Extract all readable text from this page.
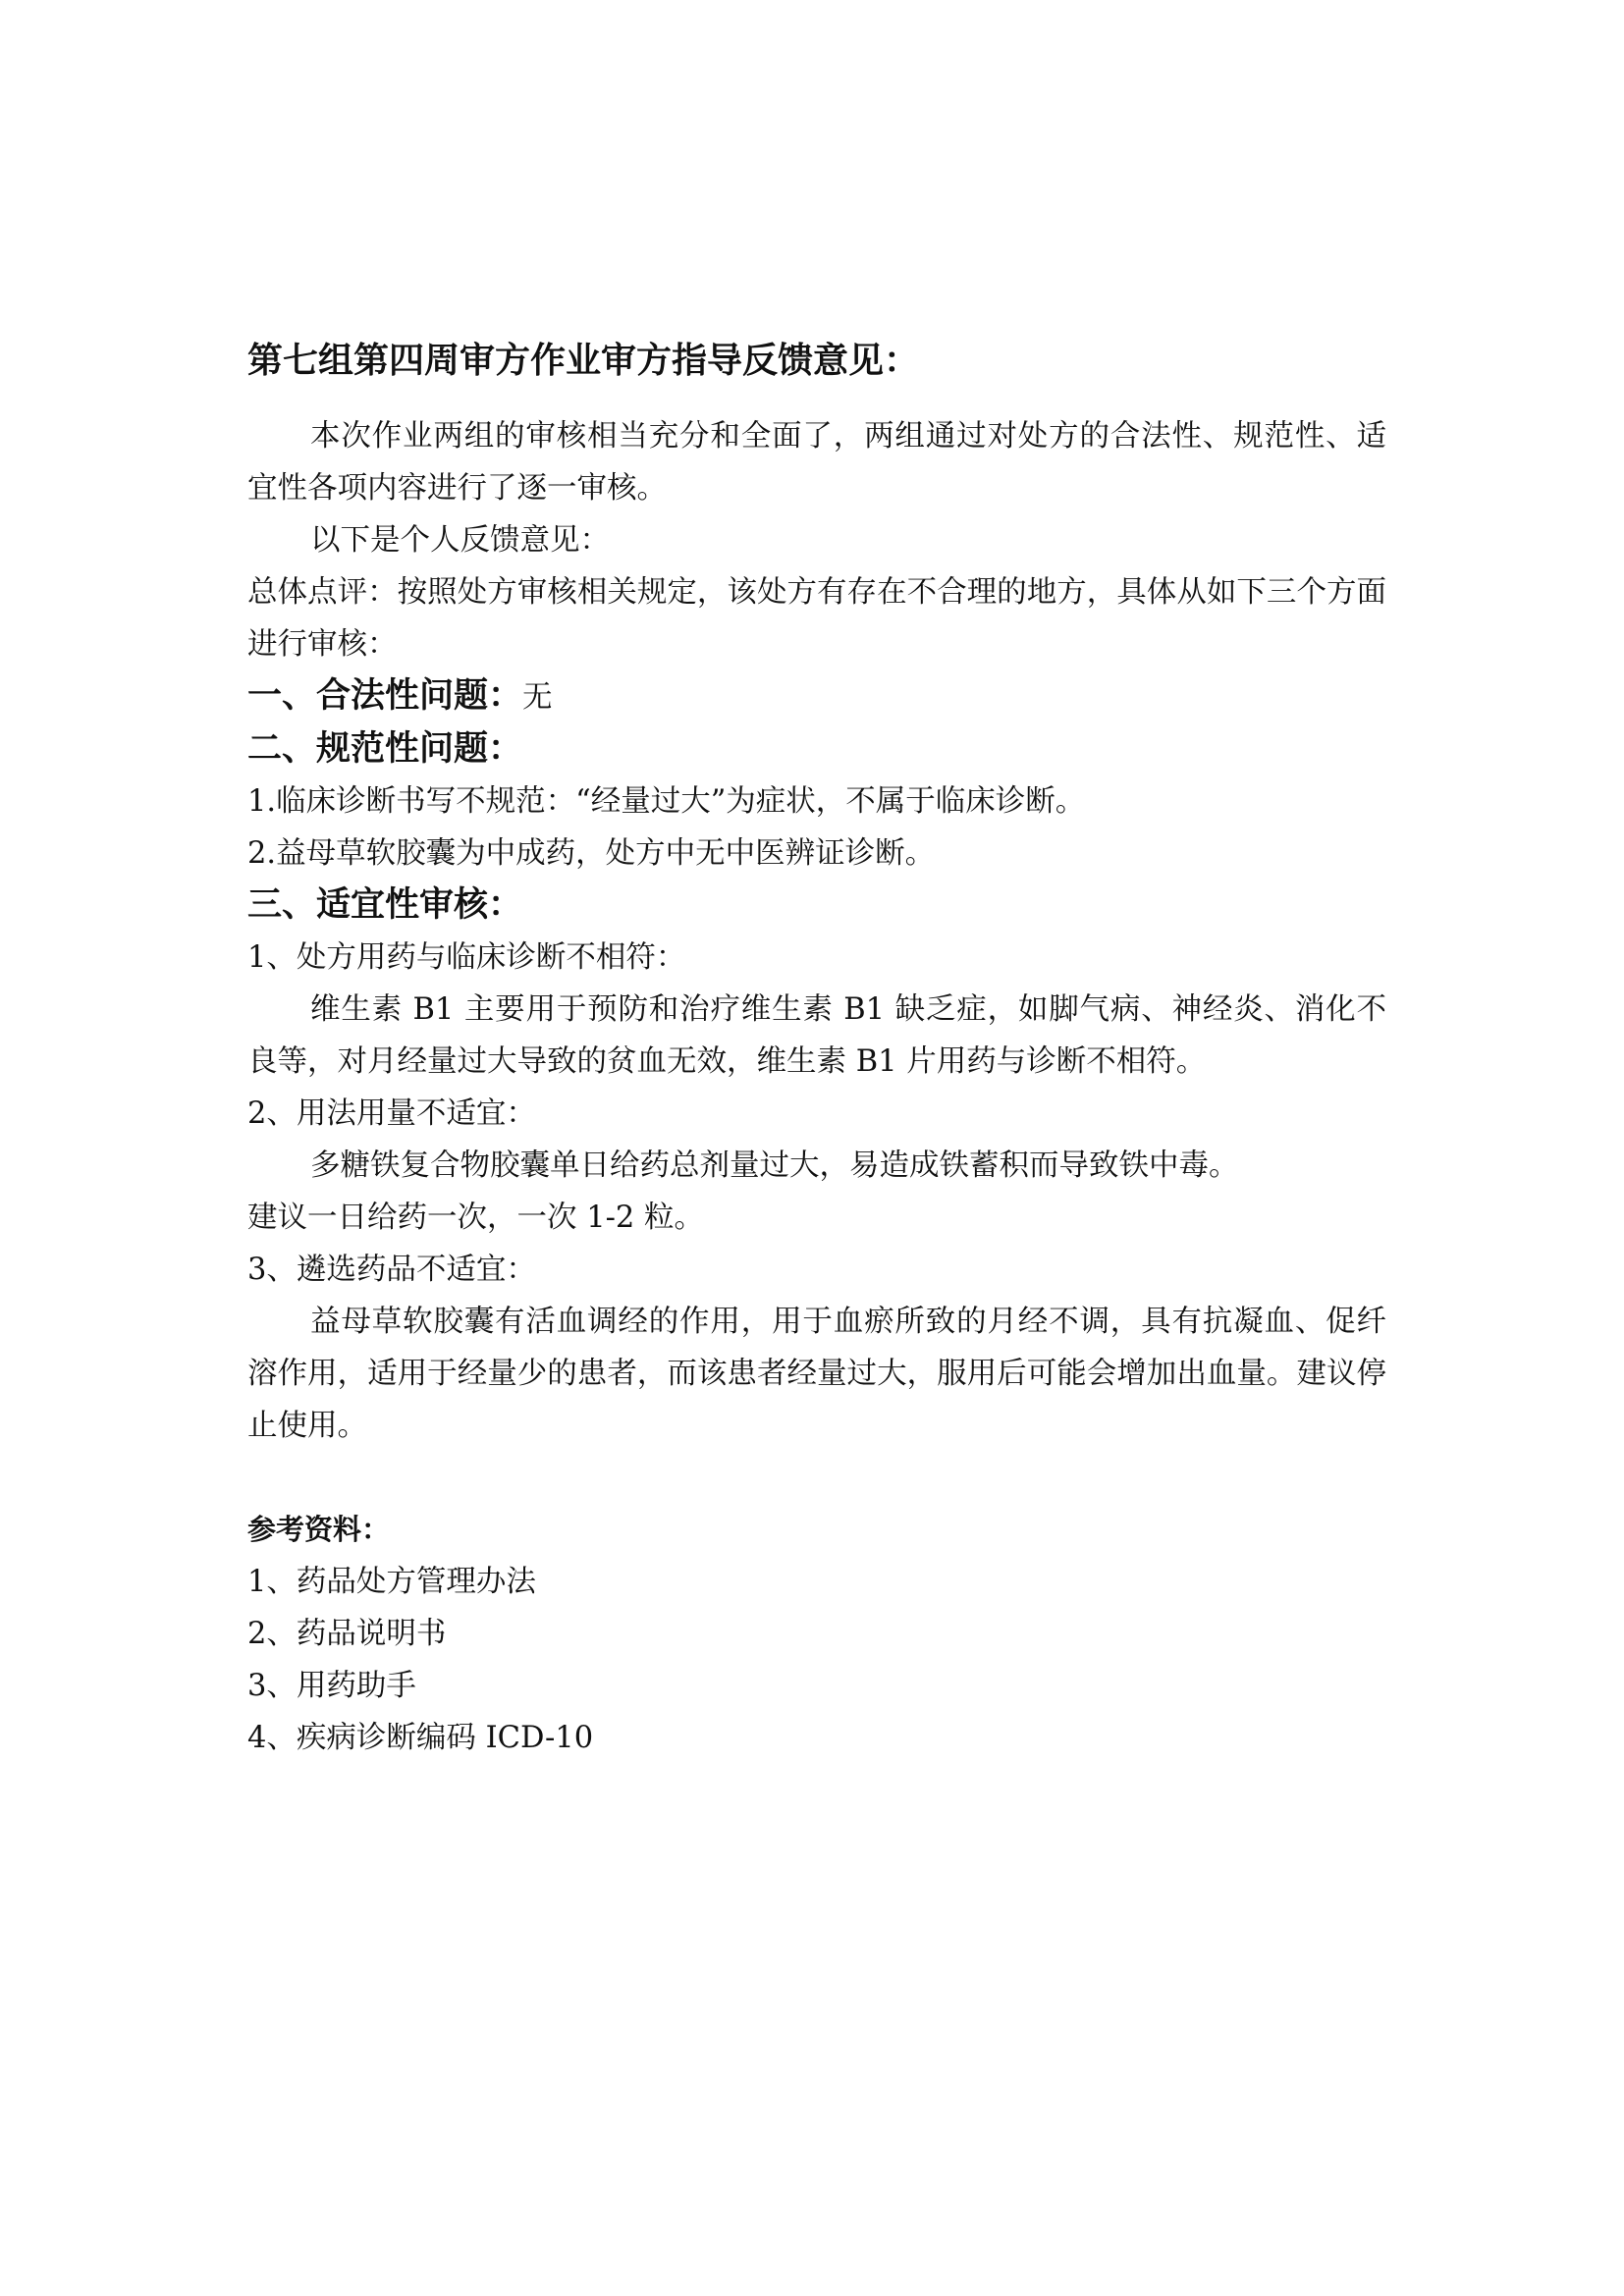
第七组第四周审方作业审方指导反馈意见：

本次作业两组的审核相当充分和全面了，两组通过对处方的合法性、规范性、适宜性各项内容进行了逐一审核。

以下是个人反馈意见：

总体点评：按照处方审核相关规定，该处方有存在不合理的地方，具体从如下三个方面进行审核：

一、合法性问题：无
二、规范性问题：

1.临床诊断书写不规范：“经量过大”为症状，不属于临床诊断。

2.益母草软胶囊为中成药，处方中无中医辨证诊断。

三、适宜性审核：

1、处方用药与临床诊断不相符：

维生素 B1 主要用于预防和治疗维生素 B1 缺乏症，如脚气病、神经炎、消化不良等，对月经量过大导致的贫血无效，维生素 B1 片用药与诊断不相符。

2、用法用量不适宜：

多糖铁复合物胶囊单日给药总剂量过大，易造成铁蓄积而导致铁中毒。

建议一日给药一次，一次 1-2 粒。

3、遴选药品不适宜：

益母草软胶囊有活血调经的作用，用于血瘀所致的月经不调，具有抗凝血、促纤溶作用，适用于经量少的患者，而该患者经量过大，服用后可能会增加出血量。建议停止使用。

参考资料：

1、药品处方管理办法

2、药品说明书

3、用药助手

4、疾病诊断编码 ICD-10
